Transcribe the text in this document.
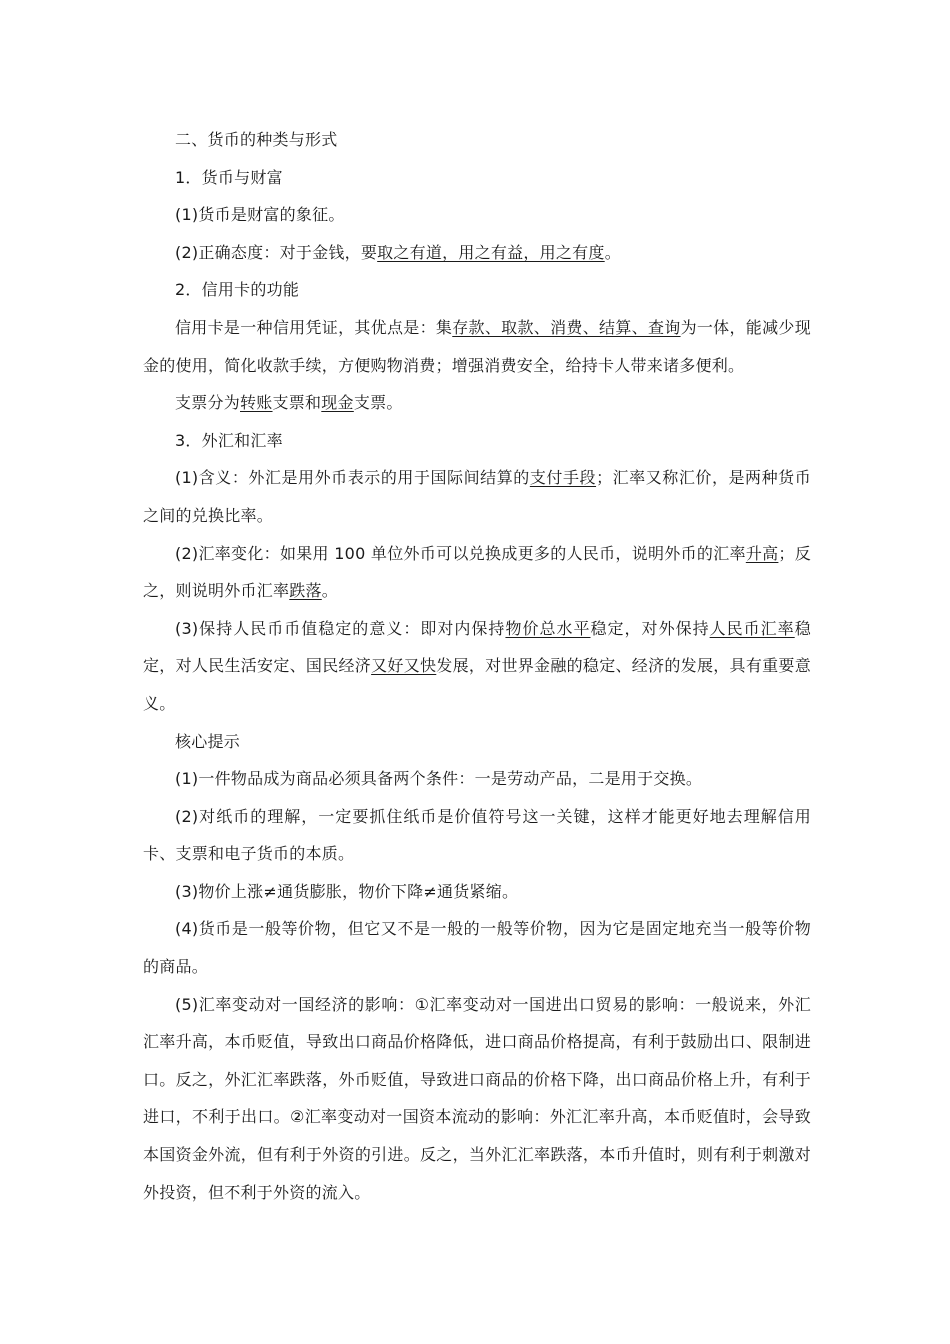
二、货币的种类与形式

1．货币与财富

(1)货币是财富的象征。

(2)正确态度：对于金钱，要取之有道，用之有益，用之有度。

2．信用卡的功能

信用卡是一种信用凭证，其优点是：集存款、取款、消费、结算、查询为一体，能减少现金的使用，简化收款手续，方便购物消费；增强消费安全，给持卡人带来诸多便利。

支票分为转账支票和现金支票。

3．外汇和汇率

(1)含义：外汇是用外币表示的用于国际间结算的支付手段；汇率又称汇价，是两种货币之间的兑换比率。

(2)汇率变化：如果用 100 单位外币可以兑换成更多的人民币，说明外币的汇率升高；反之，则说明外币汇率跌落。

(3)保持人民币币值稳定的意义：即对内保持物价总水平稳定，对外保持人民币汇率稳定，对人民生活安定、国民经济又好又快发展，对世界金融的稳定、经济的发展，具有重要意义。

核心提示

(1)一件物品成为商品必须具备两个条件：一是劳动产品，二是用于交换。

(2)对纸币的理解，一定要抓住纸币是价值符号这一关键，这样才能更好地去理解信用卡、支票和电子货币的本质。

(3)物价上涨≠通货膨胀，物价下降≠通货紧缩。

(4)货币是一般等价物，但它又不是一般的一般等价物，因为它是固定地充当一般等价物的商品。

(5)汇率变动对一国经济的影响：①汇率变动对一国进出口贸易的影响：一般说来，外汇汇率升高，本币贬值，导致出口商品价格降低，进口商品价格提高，有利于鼓励出口、限制进口。反之，外汇汇率跌落，外币贬值，导致进口商品的价格下降，出口商品价格上升，有利于进口，不利于出口。②汇率变动对一国资本流动的影响：外汇汇率升高，本币贬值时，会导致本国资金外流，但有利于外资的引进。反之，当外汇汇率跌落，本币升值时，则有利于刺激对外投资，但不利于外资的流入。
